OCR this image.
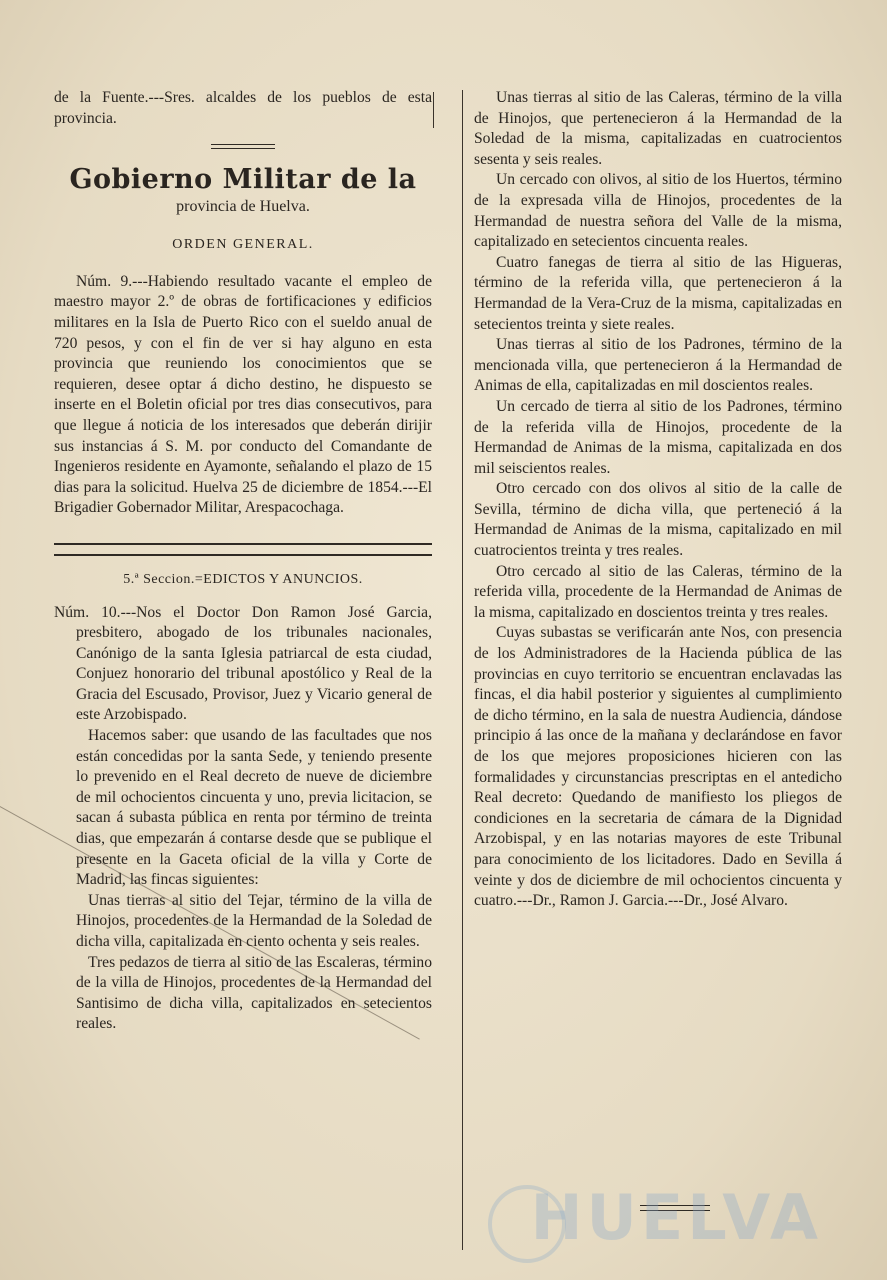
de la Fuente.---Sres. alcaldes de los pueblos de esta provincia.

Gobierno Militar de la
provincia de Huelva.
ORDEN GENERAL.

Núm. 9.---Habiendo resultado vacante el empleo de maestro mayor 2.º de obras de fortificaciones y edificios militares en la Isla de Puerto Rico con el sueldo anual de 720 pesos, y con el fin de ver si hay alguno en esta provincia que reuniendo los conocimientos que se requieren, desee optar á dicho destino, he dispuesto se inserte en el Boletin oficial por tres dias consecutivos, para que llegue á noticia de los interesados que deberán dirijir sus instancias á S. M. por conducto del Comandante de Ingenieros residente en Ayamonte, señalando el plazo de 15 dias para la solicitud. Huelva 25 de diciembre de 1854.---El Brigadier Gobernador Militar, Arespacochaga.

5.ª Seccion.=EDICTOS Y ANUNCIOS.

Núm. 10.---Nos el Doctor Don Ramon José Garcia, presbitero, abogado de los tribunales nacionales, Canónigo de la santa Iglesia patriarcal de esta ciudad, Conjuez honorario del tribunal apostólico y Real de la Gracia del Escusado, Provisor, Juez y Vicario general de este Arzobispado.

Hacemos saber: que usando de las facultades que nos están concedidas por la santa Sede, y teniendo presente lo prevenido en el Real decreto de nueve de diciembre de mil ochocientos cincuenta y uno, previa licitacion, se sacan á subasta pública en renta por término de treinta dias, que empezarán á contarse desde que se publique el presente en la Gaceta oficial de la villa y Corte de Madrid, las fincas siguientes:

Unas tierras al sitio del Tejar, término de la villa de Hinojos, procedentes de la Hermandad de la Soledad de dicha villa, capitalizada en ciento ochenta y seis reales.

Tres pedazos de tierra al sitio de las Escaleras, término de la villa de Hinojos, procedentes de la Hermandad del Santisimo de dicha villa, capitalizados en setecientos reales.

Unas tierras al sitio de las Caleras, término de la villa de Hinojos, que pertenecieron á la Hermandad de la Soledad de la misma, capitalizadas en cuatrocientos sesenta y seis reales.

Un cercado con olivos, al sitio de los Huertos, término de la expresada villa de Hinojos, procedentes de la Hermandad de nuestra señora del Valle de la misma, capitalizado en setecientos cincuenta reales.

Cuatro fanegas de tierra al sitio de las Higueras, término de la referida villa, que pertenecieron á la Hermandad de la Vera-Cruz de la misma, capitalizadas en setecientos treinta y siete reales.

Unas tierras al sitio de los Padrones, término de la mencionada villa, que pertenecieron á la Hermandad de Animas de ella, capitalizadas en mil doscientos reales.

Un cercado de tierra al sitio de los Padrones, término de la referida villa de Hinojos, procedente de la Hermandad de Animas de la misma, capitalizada en dos mil seiscientos reales.

Otro cercado con dos olivos al sitio de la calle de Sevilla, término de dicha villa, que perteneció á la Hermandad de Animas de la misma, capitalizado en mil cuatrocientos treinta y tres reales.

Otro cercado al sitio de las Caleras, término de la referida villa, procedente de la Hermandad de Animas de la misma, capitalizado en doscientos treinta y tres reales.

Cuyas subastas se verificarán ante Nos, con presencia de los Administradores de la Hacienda pública de las provincias en cuyo territorio se encuentran enclavadas las fincas, el dia habil posterior y siguientes al cumplimiento de dicho término, en la sala de nuestra Audiencia, dándose principio á las once de la mañana y declarándose en favor de los que mejores proposiciones hicieren con las formalidades y circunstancias prescriptas en el antedicho Real decreto: Quedando de manifiesto los pliegos de condiciones en la secretaria de cámara de la Dignidad Arzobispal, y en las notarias mayores de este Tribunal para conocimiento de los licitadores. Dado en Sevilla á veinte y dos de diciembre de mil ochocientos cincuenta y cuatro.---Dr., Ramon J. Garcia.---Dr., José Alvaro.

HUELVA
